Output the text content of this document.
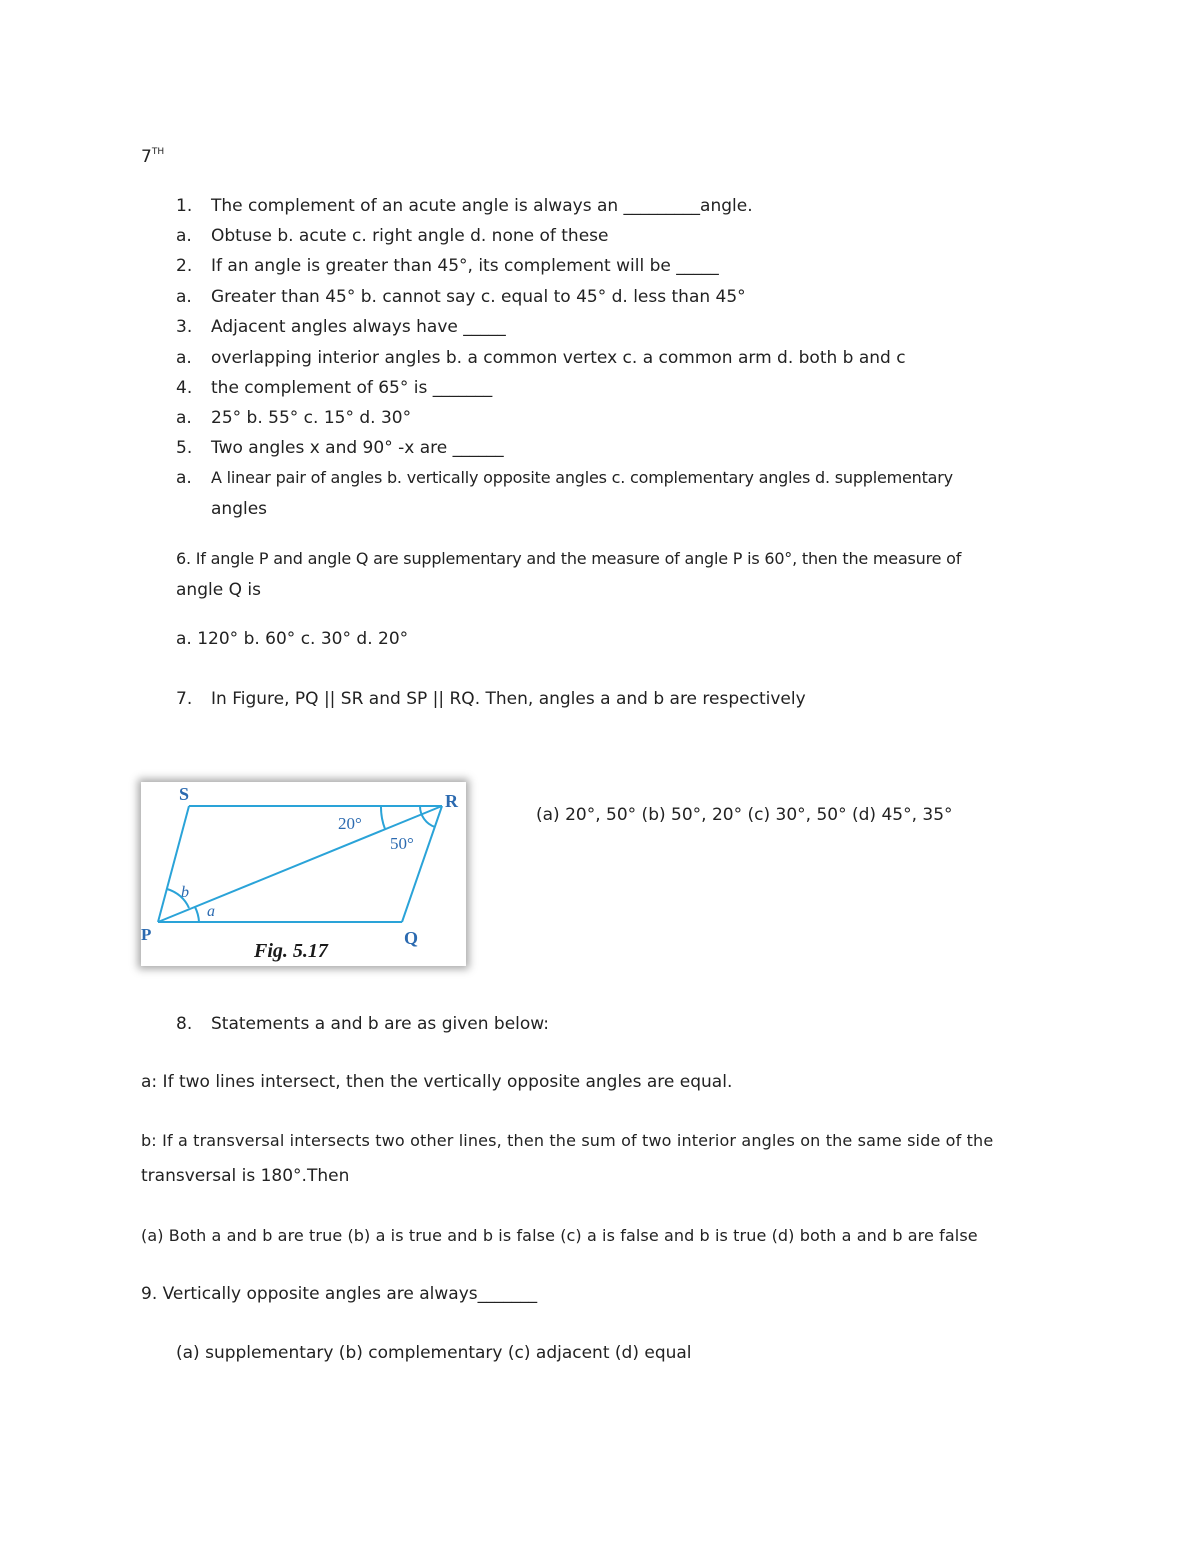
7TH
1.	The complement of an acute angle is always an _________angle.
a.	Obtuse b. acute c. right angle d. none of these
2.	If an angle is greater than 45°, its complement will be _____
a.	Greater than 45° b. cannot say c. equal to 45° d. less than 45°
3.	Adjacent angles always have _____
a.	overlapping interior angles b. a common vertex c. a common arm d. both b and c
4.	the complement of 65° is _______
a.	25° b. 55° c. 15° d. 30°
5.	Two angles x and 90° -x are ______
a.	A linear pair of angles b. vertically opposite angles c. complementary angles d. supplementary
angles
6. If angle P and angle Q are supplementary and the measure of angle P is 60°, then the measure of
angle Q is
a. 120° b. 60° c. 30° d. 20°
7.	In Figure, PQ || SR and SP || RQ. Then, angles a and b are respectively
S	R
P	Q
20°
50°
b
a
Fig. 5.17
(a) 20°, 50° (b) 50°, 20° (c) 30°, 50° (d) 45°, 35°
8.	Statements a and b are as given below:
a: If two lines intersect, then the vertically opposite angles are equal.
b: If a transversal intersects two other lines, then the sum of two interior angles on the same side of the
transversal is 180°.Then
(a) Both a and b are true (b) a is true and b is false (c) a is false and b is true (d) both a and b are false
9. Vertically opposite angles are always_______
(a) supplementary (b) complementary (c) adjacent (d) equal
